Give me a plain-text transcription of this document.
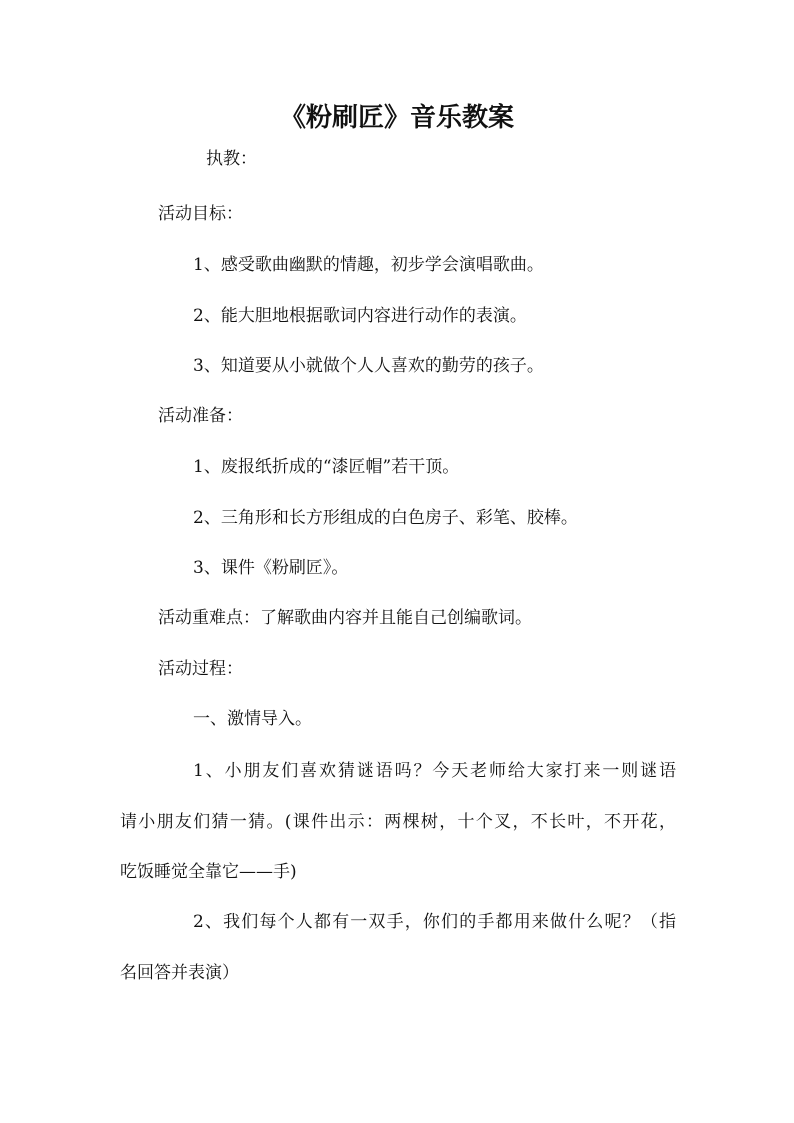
《粉刷匠》音乐教案
执教：
活动目标：
1、感受歌曲幽默的情趣，初步学会演唱歌曲。
2、能大胆地根据歌词内容进行动作的表演。
3、知道要从小就做个人人喜欢的勤劳的孩子。
活动准备：
1、废报纸折成的“漆匠帽”若干顶。
2、三角形和长方形组成的白色房子、彩笔、胶棒。
3、课件《粉刷匠》。
活动重难点：了解歌曲内容并且能自己创编歌词。
活动过程：
一、激情导入。
1、小朋友们喜欢猜谜语吗？今天老师给大家打来一则谜语
请小朋友们猜一猜。(课件出示：两棵树，十个叉，不长叶，不开花，
吃饭睡觉全靠它——手)
2、我们每个人都有一双手，你们的手都用来做什么呢？（指
名回答并表演）
